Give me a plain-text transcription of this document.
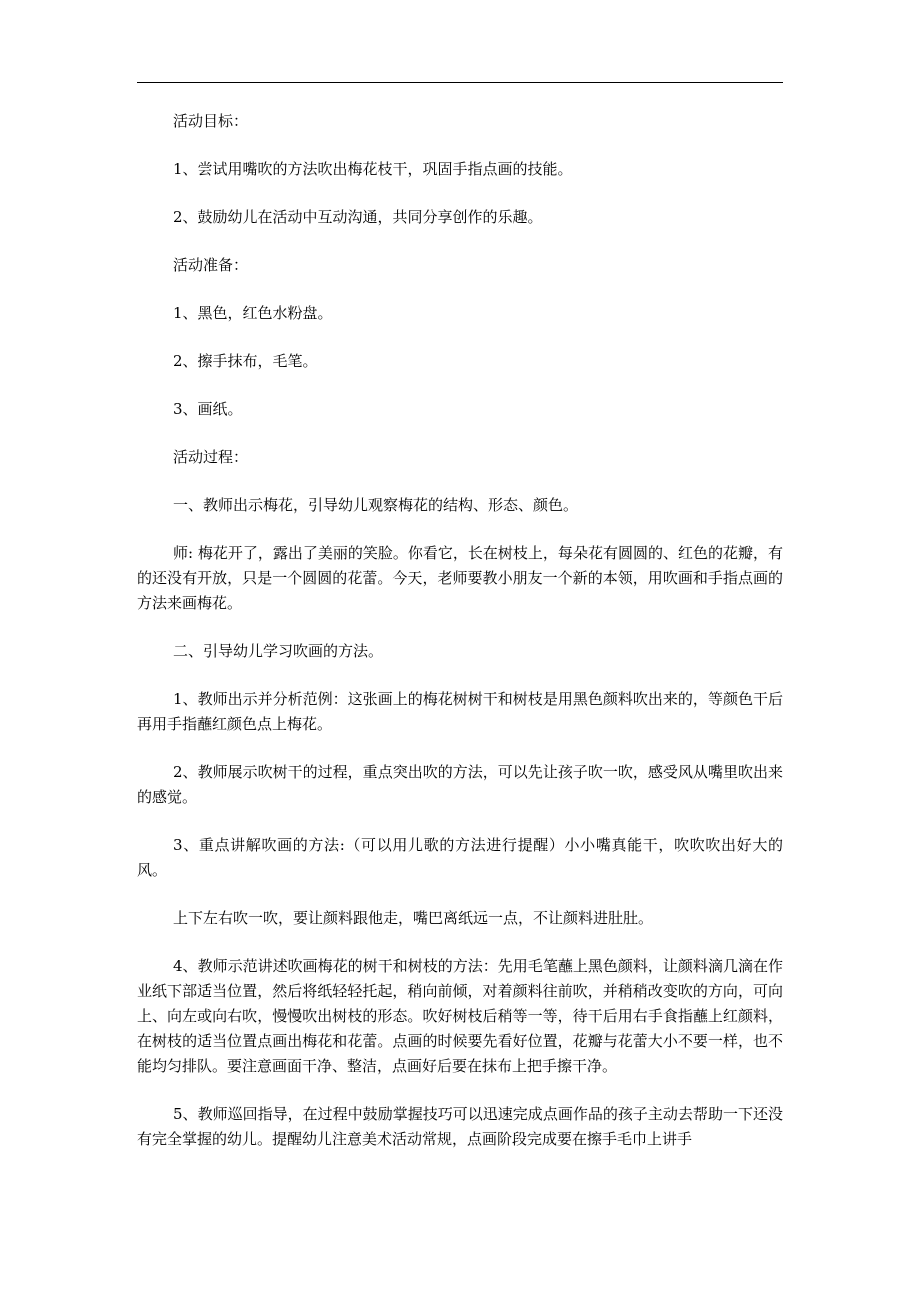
活动目标：

1、尝试用嘴吹的方法吹出梅花枝干，巩固手指点画的技能。

2、鼓励幼儿在活动中互动沟通，共同分享创作的乐趣。

活动准备：

1、黑色，红色水粉盘。

2、擦手抹布，毛笔。

3、画纸。

活动过程：

一、教师出示梅花，引导幼儿观察梅花的结构、形态、颜色。

师: 梅花开了，露出了美丽的笑脸。你看它，长在树枝上，每朵花有圆圆的、红色的花瓣，有的还没有开放，只是一个圆圆的花蕾。今天，老师要教小朋友一个新的本领，用吹画和手指点画的方法来画梅花。

二、引导幼儿学习吹画的方法。

1、教师出示并分析范例：这张画上的梅花树树干和树枝是用黑色颜料吹出来的，等颜色干后再用手指蘸红颜色点上梅花。

2、教师展示吹树干的过程，重点突出吹的方法，可以先让孩子吹一吹，感受风从嘴里吹出来的感觉。

3、重点讲解吹画的方法:（可以用儿歌的方法进行提醒）小小嘴真能干，吹吹吹出好大的风。

上下左右吹一吹，要让颜料跟他走，嘴巴离纸远一点，不让颜料进肚肚。

4、教师示范讲述吹画梅花的树干和树枝的方法：先用毛笔蘸上黑色颜料，让颜料滴几滴在作业纸下部适当位置，然后将纸轻轻托起，稍向前倾，对着颜料往前吹，并稍稍改变吹的方向，可向上、向左或向右吹，慢慢吹出树枝的形态。吹好树枝后稍等一等，待干后用右手食指蘸上红颜料，在树枝的适当位置点画出梅花和花蕾。点画的时候要先看好位置，花瓣与花蕾大小不要一样，也不能均匀排队。要注意画面干净、整洁，点画好后要在抹布上把手擦干净。

5、教师巡回指导，在过程中鼓励掌握技巧可以迅速完成点画作品的孩子主动去帮助一下还没有完全掌握的幼儿。提醒幼儿注意美术活动常规，点画阶段完成要在擦手毛巾上讲手
